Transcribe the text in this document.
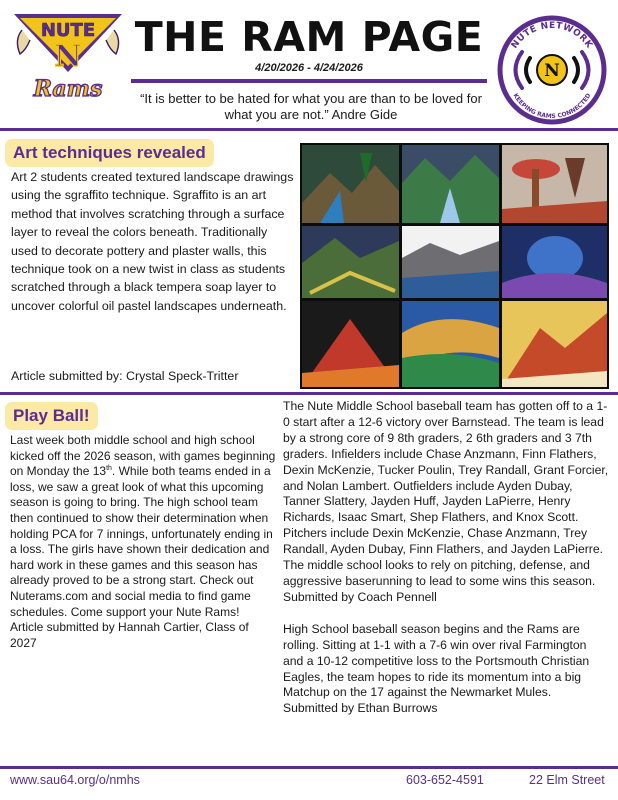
NUTE
N
Rams
THE RAM PAGE
4/20/2026 - 4/24/2026
“It is better to be hated for what you are than to be loved for what you are not.” Andre Gide
NUTE NETWORK
KEEPING RAMS CONNECTED
N
Art techniques revealed
Art 2 students created textured landscape drawings using the sgraffito technique. Sgraffito is an art method that involves scratching through a surface layer to reveal the colors beneath. Traditionally used to decorate pottery and plaster walls, this technique took on a new twist in class as students scratched through a black tempera soap layer to uncover colorful oil pastel landscapes underneath.
Article submitted by: Crystal Speck-Tritter
Play Ball!
Last week both middle school and high school kicked off the 2026 season, with games beginning on Monday the 13th. While both teams ended in a loss, we saw a great look of what this upcoming season is going to bring. The high school team then continued to show their determination when holding PCA for 7 innings, unfortunately ending in a loss. The girls have shown their dedication and hard work in these games and this season has already proved to be a strong start. Check out Nuterams.com and social media to find game schedules. Come support your Nute Rams!
Article submitted by Hannah Cartier, Class of 2027

The Nute Middle School baseball team has gotten off to a 1-0 start after a 12-6 victory over Barnstead. The team is lead by a strong core of 9 8th graders, 2 6th graders and 3 7th graders. Infielders include Chase Anzmann, Finn Flathers, Dexin McKenzie, Tucker Poulin, Trey Randall, Grant Forcier, and Nolan Lambert. Outfielders include Ayden Dubay, Tanner Slattery, Jayden Huff, Jayden LaPierre, Henry Richards, Isaac Smart, Shep Flathers, and Knox Scott. Pitchers include Dexin McKenzie, Chase Anzmann, Trey Randall, Ayden Dubay, Finn Flathers, and Jayden LaPierre.

The middle school looks to rely on pitching, defense, and aggressive baserunning to lead to some wins this season. Submitted by Coach Pennell

High School baseball season begins and the Rams are rolling. Sitting at 1-1 with a 7-6 win over rival Farmington and a 10-12 competitive loss to the Portsmouth Christian Eagles, the team hopes to ride its momentum into a big Matchup on the 17 against the Newmarket Mules. Submitted by Ethan Burrows

www.sau64.org/o/nmhs	603-652-4591	22 Elm Street
